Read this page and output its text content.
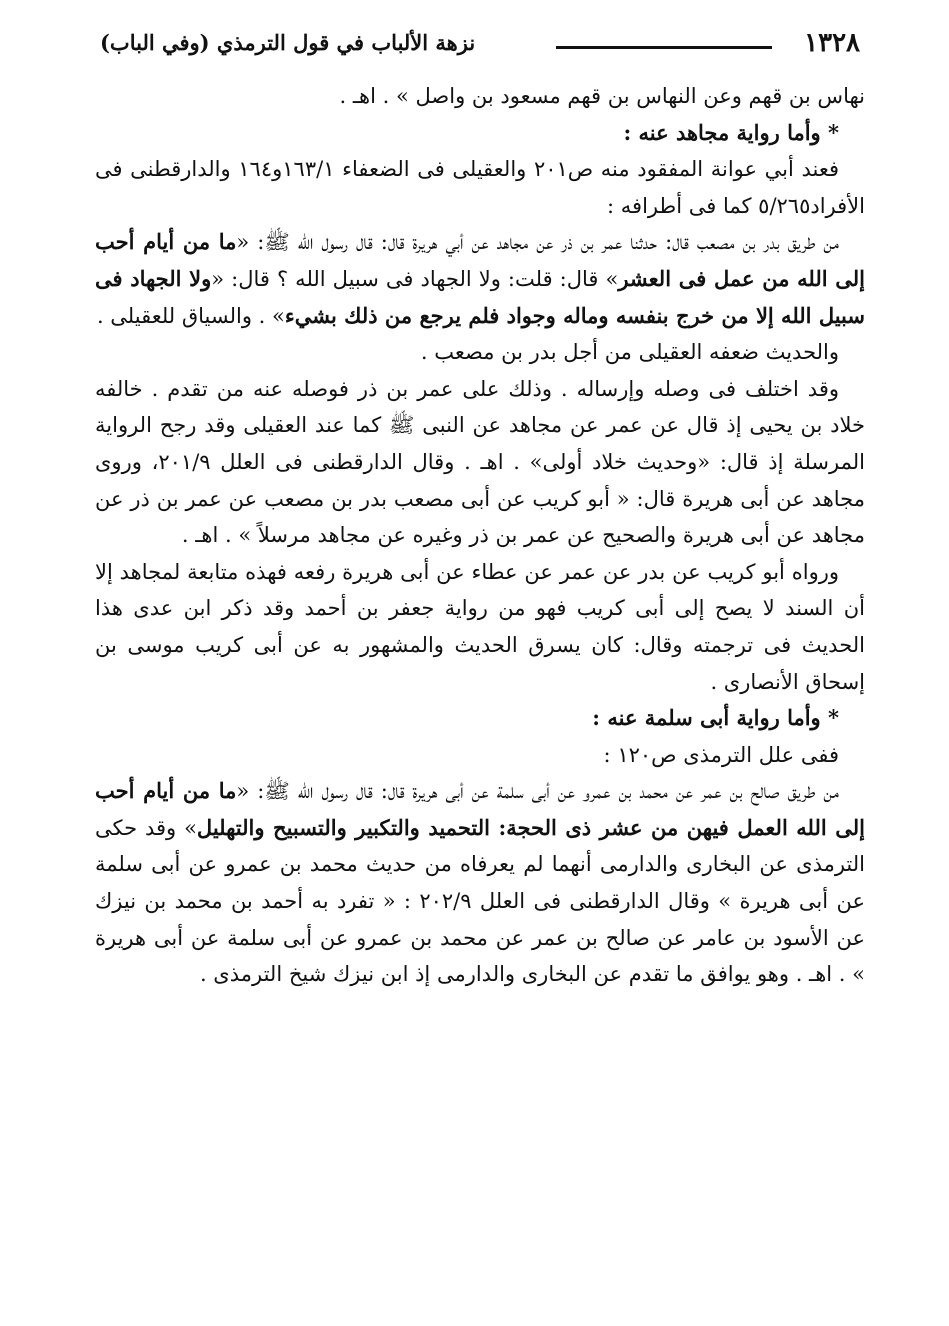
١٣٢٨
نزهة الألباب في قول الترمذي (وفي الباب)

نهاس بن قهم وعن النهاس بن قهم مسعود بن واصل » . اهـ .

* وأما رواية مجاهد عنه :

فعند أبي عوانة المفقود منه ص٢٠١ والعقيلى فى الضعفاء ١٦٣/١و١٦٤ والدارقطنى فى الأفراد٥/٢٦٥ كما فى أطرافه :

من طريق بدر بن مصعب قال: حدثنا عمر بن ذر عن مجاهد عن أبي هريرة قال: قال رسول الله ﷺ: «ما من أيام أحب إلى الله من عمل فى العشر» قال: قلت: ولا الجهاد فى سبيل الله ؟ قال: «ولا الجهاد فى سبيل الله إلا من خرج بنفسه وماله وجواد فلم يرجع من ذلك بشيء» . والسياق للعقيلى .

والحديث ضعفه العقيلى من أجل بدر بن مصعب .

وقد اختلف فى وصله وإرساله . وذلك على عمر بن ذر فوصله عنه من تقدم . خالفه خلاد بن يحيى إذ قال عن عمر عن مجاهد عن النبى ﷺ كما عند العقيلى وقد رجح الرواية المرسلة إذ قال: «وحديث خلاد أولى» . اهـ . وقال الدارقطنى فى العلل ٢٠١/٩، وروى مجاهد عن أبى هريرة قال: « أبو كريب عن أبى مصعب بدر بن مصعب عن عمر بن ذر عن مجاهد عن أبى هريرة والصحيح عن عمر بن ذر وغيره عن مجاهد مرسلاً » . اهـ .

ورواه أبو كريب عن بدر عن عمر عن عطاء عن أبى هريرة رفعه فهذه متابعة لمجاهد إلا أن السند لا يصح إلى أبى كريب فهو من رواية جعفر بن أحمد وقد ذكر ابن عدى هذا الحديث فى ترجمته وقال: كان يسرق الحديث والمشهور به عن أبى كريب موسى بن إسحاق الأنصارى .

* وأما رواية أبى سلمة عنه :

ففى علل الترمذى ص١٢٠ :

من طريق صالح بن عمر عن محمد بن عمرو عن أبى سلمة عن أبى هريرة قال: قال رسول الله ﷺ: «ما من أيام أحب إلى الله العمل فيهن من عشر ذى الحجة: التحميد والتكبير والتسبيح والتهليل» وقد حكى الترمذى عن البخارى والدارمى أنهما لم يعرفاه من حديث محمد بن عمرو عن أبى سلمة عن أبى هريرة » وقال الدارقطنى فى العلل ٢٠٢/٩ : « تفرد به أحمد بن محمد بن نيزك عن الأسود بن عامر عن صالح بن عمر عن محمد بن عمرو عن أبى سلمة عن أبى هريرة » . اهـ . وهو يوافق ما تقدم عن البخارى والدارمى إذ ابن نيزك شيخ الترمذى .
